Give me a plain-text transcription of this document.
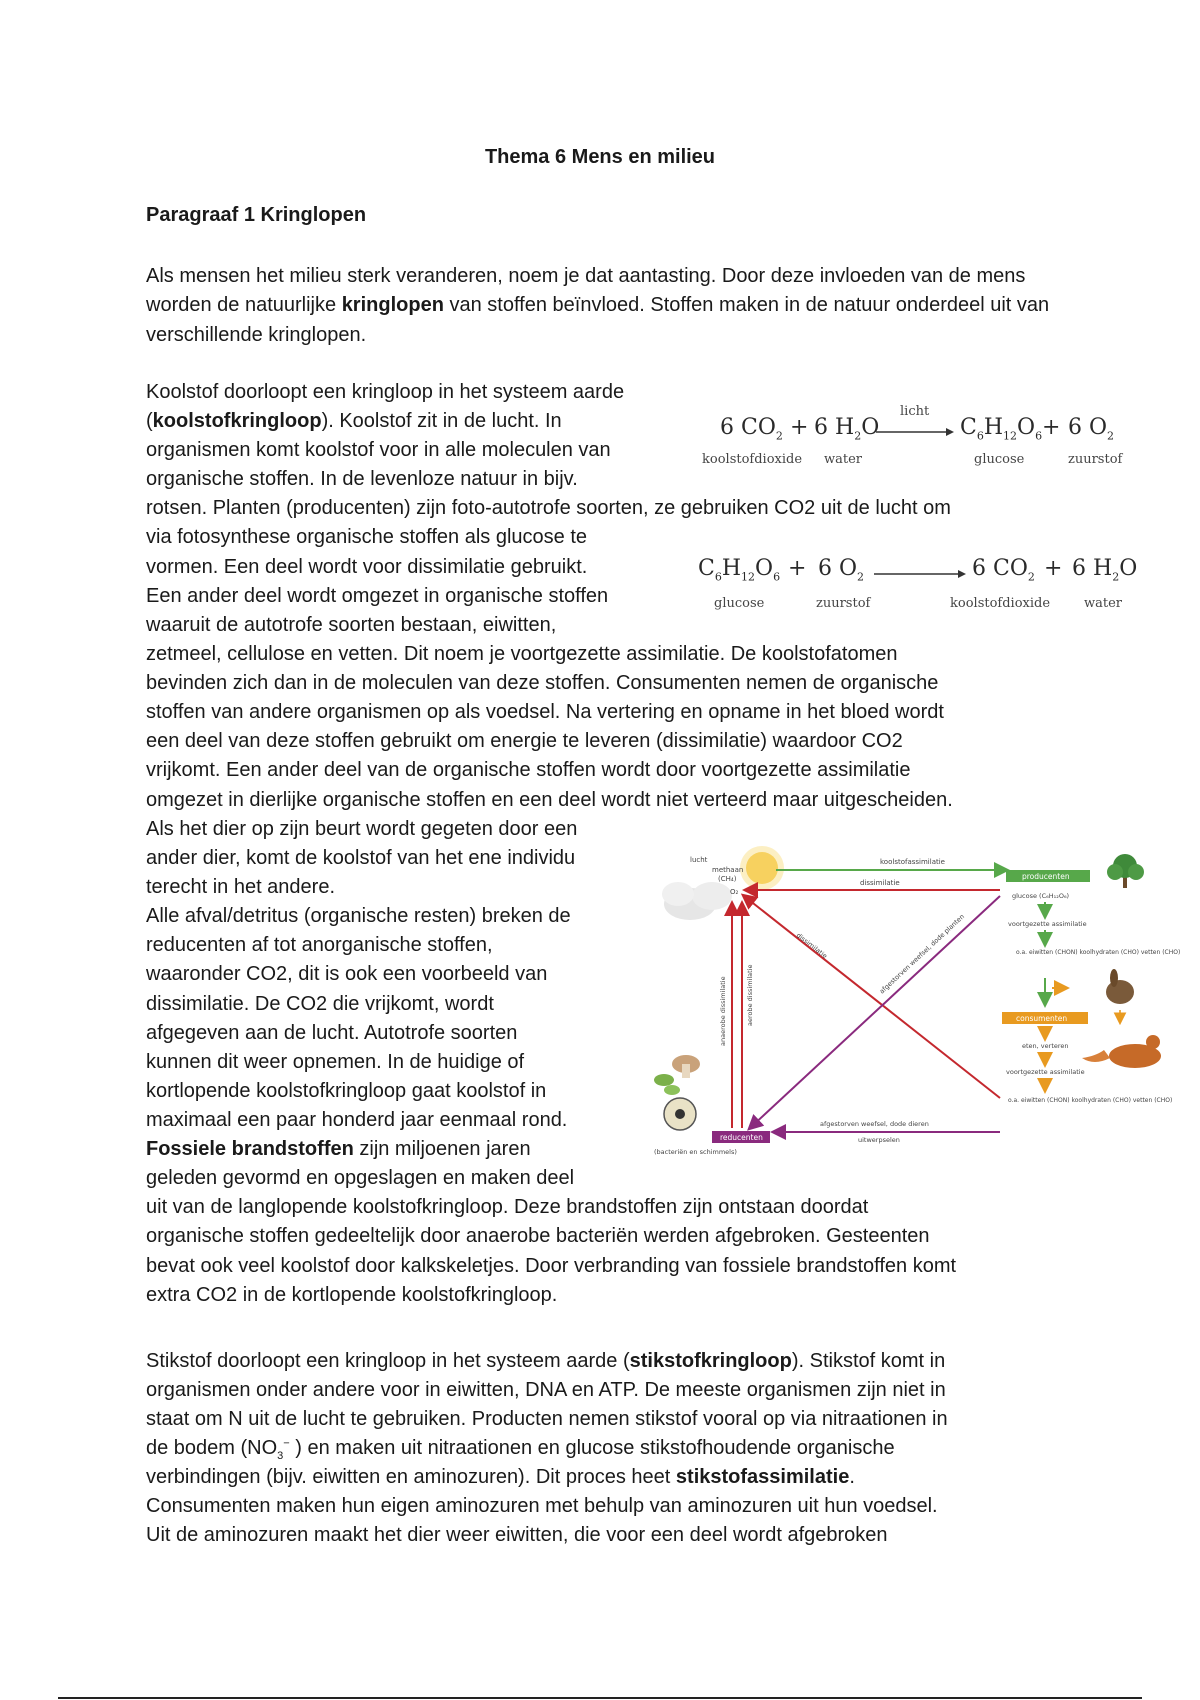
Thema 6 Mens en milieu
Paragraaf 1 Kringlopen
Als mensen het milieu sterk veranderen, noem je dat aantasting. Door deze invloeden van de mens worden de natuurlijke kringlopen van stoffen beïnvloed. Stoffen maken in de natuur onderdeel uit van verschillende kringlopen.
Koolstof doorloopt een kringloop in het systeem aarde
(koolstofkringloop). Koolstof zit in de lucht. In
organismen komt koolstof voor in alle moleculen van
organische stoffen. In de levenloze natuur in bijv.
rotsen. Planten (producenten) zijn foto-autotrofe soorten, ze gebruiken CO2 uit de lucht om
via fotosynthese organische stoffen als glucose te
vormen. Een deel wordt voor dissimilatie gebruikt.
Een ander deel wordt omgezet in organische stoffen
waaruit de autotrofe soorten bestaan, eiwitten,
zetmeel, cellulose en vetten. Dit noem je voortgezette assimilatie. De koolstofatomen
bevinden zich dan in de moleculen van deze stoffen. Consumenten nemen de organische
stoffen van andere organismen op als voedsel. Na vertering en opname in het bloed wordt
een deel van deze stoffen gebruikt om energie te leveren (dissimilatie) waardoor CO2
vrijkomt. Een ander deel van de organische stoffen wordt door voortgezette assimilatie
omgezet in dierlijke organische stoffen en een deel wordt niet verteerd maar uitgescheiden.
Als het dier op zijn beurt wordt gegeten door een
ander dier, komt de koolstof van het ene individu
terecht in het andere.
Alle afval/detritus (organische resten) breken de
reducenten af tot anorganische stoffen,
waaronder CO2, dit is ook een voorbeeld van
dissimilatie. De CO2 die vrijkomt, wordt
afgegeven aan de lucht. Autotrofe soorten
kunnen dit weer opnemen. In de huidige of
kortlopende koolstofkringloop gaat koolstof in
maximaal een paar honderd jaar eenmaal rond.
Fossiele brandstoffen zijn miljoenen jaren
geleden gevormd en opgeslagen en maken deel
uit van de langlopende koolstofkringloop. Deze brandstoffen zijn ontstaan doordat
organische stoffen gedeeltelijk door anaerobe bacteriën werden afgebroken. Gesteenten
bevat ook veel koolstof door kalkskeletjes. Door verbranding van fossiele brandstoffen komt
extra CO2 in de kortlopende koolstofkringloop.
Stikstof doorloopt een kringloop in het systeem aarde (stikstofkringloop). Stikstof komt in
organismen onder andere voor in eiwitten, DNA en ATP. De meeste organismen zijn niet in
staat om N uit de lucht te gebruiken. Producten nemen stikstof vooral op via nitraationen in
de bodem ($NO_3^-$ ) en maken uit nitraationen en glucose stikstofhoudende organische
verbindingen (bijv. eiwitten en aminozuren). Dit proces heet stikstofassimilatie.
Consumenten maken hun eigen aminozuren met behulp van aminozuren uit hun voedsel.
Uit de aminozuren maakt het dier weer eiwitten, die voor een deel wordt afgebroken
6 $CO_2 + 6$ $H_2O$
licht
$C_6H_{12}O_6 + 6$ $O_2$
koolstofdioxide water	glucose	zuurstof
$C_6H_{12}O_6 + 6$ $O_2$	6 $CO_2 + 6$ $H_2O$
glucose	zuurstof	koolstofdioxide	water
lucht
methaan
(CH₄)
O₂
koolstofassimilatie
dissimilatie
producenten
glucose (C₆H₁₂O₆)
voortgezette assimilatie
o.a. eiwitten (CHON) koolhydraten (CHO) vetten (CHO)
consumenten
eten, verteren
voortgezette assimilatie
o.a. eiwitten (CHON) koolhydraten (CHO) vetten (CHO)
reducenten
(bacteriën en schimmels)
afgestorven weefsel, dode dieren
uitwerpselen
anaerobe dissimilatie	aerobe dissimilatie
dissimilatie	afgestorven weefsel, dode planten
